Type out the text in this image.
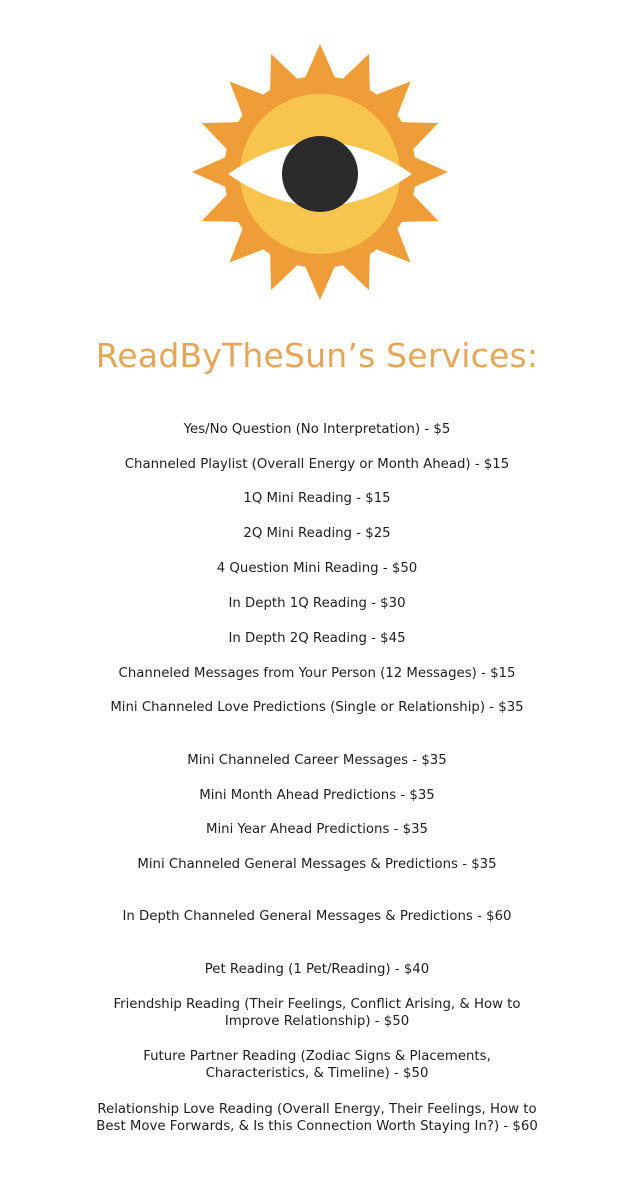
ReadByTheSun’s Services:
Yes/No Question (No Interpretation) - $5
Channeled Playlist (Overall Energy or Month Ahead) - $15
1Q Mini Reading - $15
2Q Mini Reading - $25
4 Question Mini Reading - $50
In Depth 1Q Reading - $30
In Depth 2Q Reading - $45
Channeled Messages from Your Person (12 Messages) - $15
Mini Channeled Love Predictions (Single or Relationship) - $35
Mini Channeled Career Messages - $35
Mini Month Ahead Predictions - $35
Mini Year Ahead Predictions - $35
Mini Channeled General Messages & Predictions - $35
In Depth Channeled General Messages & Predictions - $60
Pet Reading (1 Pet/Reading) - $40
Friendship Reading (Their Feelings, Conflict Arising, & How to Improve Relationship) - $50
Future Partner Reading (Zodiac Signs & Placements, Characteristics, & Timeline) - $50
Relationship Love Reading (Overall Energy, Their Feelings, How to Best Move Forwards, & Is this Connection Worth Staying In?) - $60
